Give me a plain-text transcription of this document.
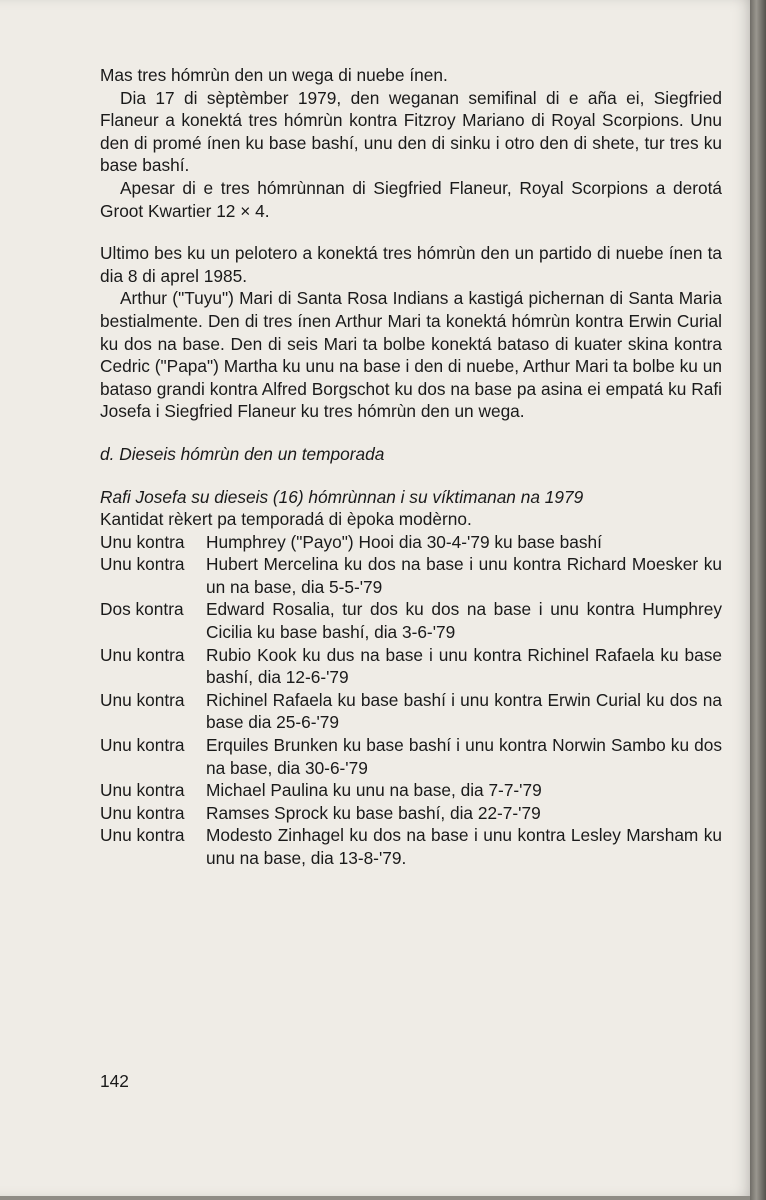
Mas tres hómrùn den un wega di nuebe ínen.

Dia 17 di sèptèmber 1979, den weganan semifinal di e aña ei, Siegfried Flaneur a konektá tres hómrùn kontra Fitzroy Mariano di Royal Scorpions. Unu den di promé ínen ku base bashí, unu den di sinku i otro den di shete, tur tres ku base bashí.

Apesar di e tres hómrùnnan di Siegfried Flaneur, Royal Scorpions a derotá Groot Kwartier 12 × 4.

Ultimo bes ku un pelotero a konektá tres hómrùn den un partido di nuebe ínen ta dia 8 di aprel 1985.

Arthur ("Tuyu") Mari di Santa Rosa Indians a kastigá pichernan di Santa Maria bestialmente. Den di tres ínen Arthur Mari ta konektá hómrùn kontra Erwin Curial ku dos na base. Den di seis Mari ta bolbe konektá bataso di kuater skina kontra Cedric ("Papa") Martha ku unu na base i den di nuebe, Arthur Mari ta bolbe ku un bataso grandi kontra Alfred Borgschot ku dos na base pa asina ei empatá ku Rafi Josefa i Siegfried Flaneur ku tres hómrùn den un wega.

d. Dieseis hómrùn den un temporada

Rafi Josefa su dieseis (16) hómrùnnan i su víktimanan na 1979

Kantidat rèkert pa temporadá di èpoka modèrno.

Unu kontra	Humphrey ("Payo") Hooi dia 30-4-'79 ku base bashí
Unu kontra	Hubert Mercelina ku dos na base i unu kontra Richard Moesker ku un na base, dia 5-5-'79
Dos kontra	Edward Rosalia, tur dos ku dos na base i unu kontra Humphrey Cicilia ku base bashí, dia 3-6-'79
Unu kontra	Rubio Kook ku dus na base i unu kontra Richinel Rafaela ku base bashí, dia 12-6-'79
Unu kontra	Richinel Rafaela ku base bashí i unu kontra Erwin Curial ku dos na base dia 25-6-'79
Unu kontra	Erquiles Brunken ku base bashí i unu kontra Norwin Sambo ku dos na base, dia 30-6-'79
Unu kontra	Michael Paulina ku unu na base, dia 7-7-'79
Unu kontra	Ramses Sprock ku base bashí, dia 22-7-'79
Unu kontra	Modesto Zinhagel ku dos na base i unu kontra Lesley Marsham ku unu na base, dia 13-8-'79.
142
